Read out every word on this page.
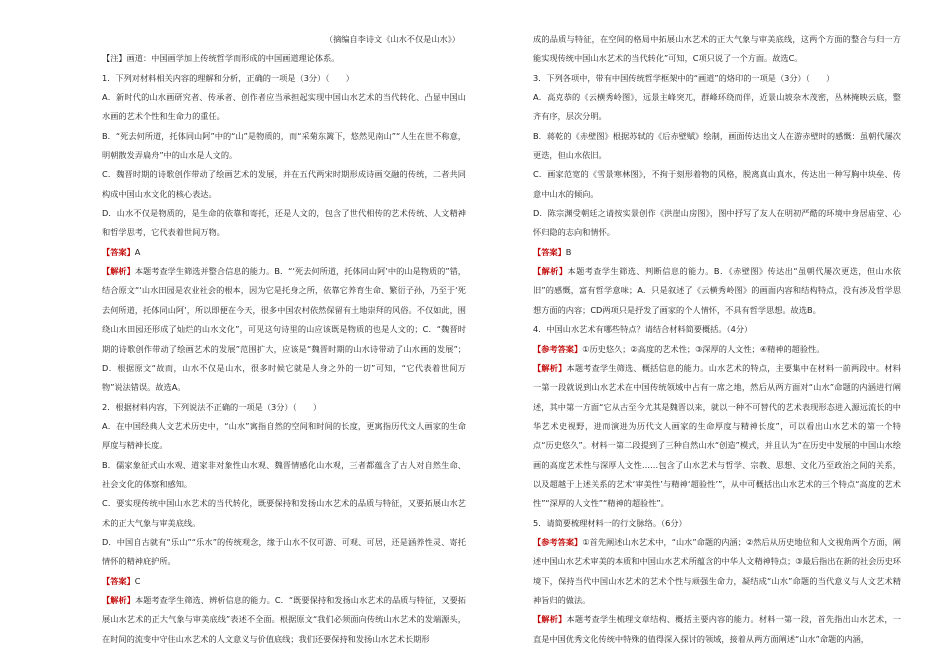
（摘编自李诗文《山水不仅是山水》）

【注】画道：中国画学加上传统哲学而形成的中国画道理论体系。

1．下列对材料相关内容的理解和分析，正确的一项是（3分）（　　）

A．新时代的山水画研究者、传承者、创作者应当承担起实现中国山水艺术的当代转化、凸显中国山水画的艺术个性和生命力的重任。

B．“死去何所道，托体同山阿”中的“山”是物质的，而“采菊东篱下，悠然见南山”“人生在世不称意，明朝散发弄扁舟”中的山水是人文的。

C．魏晋时期的诗歌创作带动了绘画艺术的发展，并在五代两宋时期形成诗画交融的传统，二者共同构成中国山水文化的核心表达。

D．山水不仅是物质的，是生命的依靠和寄托，还是人文的，包含了世代相传的艺术传统、人文精神和哲学思考，它代表着世间万物。

【答案】A

【解析】本题考查学生筛选并整合信息的能力。B．“‘死去何所道，托体同山阿’中的山是物质的”错，结合原文“‘山水田园是农业社会的根本，因为它是托身之所，依靠它养育生命、繁衍子孙，乃至于‘死去何所道，托体同山阿’，所以即便在今天，很多中国农村依然保留有土地崇拜的风俗。不仅如此，围绕山水田园还形成了灿烂的山水文化”，可见这句诗里的山应该既是物质的也是人文的；C．“魏晋时期的诗歌创作带动了绘画艺术的发展”范围扩大，应该是“魏晋时期的山水诗带动了山水画的发展”；D．根据原文“故而，山水不仅是山水，很多时候它就是人身之外的一切”可知，“它代表着世间万物”说法错误。故选A。

2．根据材料内容，下列说法不正确的一项是（3分）（　　）

A．在中国经典人文艺术历史中，“山水”寓指自然的空间和时间的长度，更寓指历代文人画家的生命厚度与精神长度。

B．儒家象征式山水观、道家非对象性山水观、魏晋情感化山水观，三者都蕴含了古人对自然生命、社会文化的体察和感知。

C．要实现传统中国山水艺术的当代转化，既要保持和发扬山水艺术的品质与特征，又要拓展山水艺术的正大气象与审美底线。

D．中国自古就有“乐山”“乐水”的传统观念，缘于山水不仅可游、可观、可居，还是涵养性灵、寄托情怀的精神庇护所。

【答案】C

【解析】本题考查学生筛选、辨析信息的能力。C．“既要保持和发扬山水艺术的品质与特征，又要拓展山水艺术的正大气象与审美底线”表述不全面。根据原文“我们必须面向传统山水艺术的发端源头，在时间的流变中守住山水艺术的人文意义与价值底线；我们还要保持和发扬山水艺术长期形

成的品质与特征，在空间的格局中拓展山水艺术的正大气象与审美底线，这两个方面的整合与归一方能实现传统中国山水艺术的当代转化”可知，C项只说了一个方面。故选C。

3．下列各项中，带有中国传统哲学框架中的“画道”的烙印的一项是（3分）（　　）

A．高克恭的《云横秀岭图》，远景主峰突兀，群峰环绕而伴，近景山坡杂木茂密，丛林掩映云底，整齐有序，层次分明。

B．蒋乾的《赤壁图》根据苏轼的《后赤壁赋》绘制，画面传达出文人在游赤壁时的感慨：虽朝代屡次更迭，但山水依旧。

C．画家范宽的《雪景寒林图》，不拘于刻形着物的风格，脱离真山真水，传达出一种写胸中块垒、传意中山水的倾向。

D．陈宗渊受朝廷之请按实景创作《洪崖山房图》，图中抒写了友人在明初严酷的环境中身居庙堂、心怀归隐的志向和情怀。

【答案】B

【解析】本题考查学生筛选、判断信息的能力。B．《赤壁图》传达出“虽朝代屡次更迭，但山水依旧”的感慨，富有哲学意味；A．只是叙述了《云横秀岭图》的画面内容和结构特点，没有涉及哲学思想方面的内容；CD两项只是抒发了画家的个人情怀，不具有哲学思想。故选B。

4．中国山水艺术有哪些特点？请结合材料简要概括。（4分）

【参考答案】①历史悠久；②高度的艺术性；③深厚的人文性；④精神的超验性。

【解析】本题考查学生筛选、概括信息的能力。山水艺术的特点，主要集中在材料一前两段中。材料一第一段就说到山水艺术在中国传统领域中占有一席之地，然后从两方面对“山水”命题的内涵进行阐述，其中第一方面“它从古至今尤其是魏晋以来，就以一种不可替代的艺术表现形态进入源远流长的中华艺术史视野，进而演进为历代文人画家的生命厚度与精神长度”，可以看出山水艺术的第一个特点“历史悠久”。材料一第二段提到了三种自然山水“创造”模式，并且认为“在历史中发展的中国山水绘画的高度艺术性与深厚人文性……包含了山水艺术与哲学、宗教、思想、文化乃至政治之间的关系，以及超越于上述关系的艺术‘审美性’与精神‘超验性’”，从中可概括出山水艺术的三个特点“高度的艺术性”“深厚的人文性”“精神的超验性”。

5．请简要梳理材料一的行文脉络。（6分）

【参考答案】①首先阐述山水艺术中，“山水”命题的内涵；②然后从历史地位和人文视角两个方面，阐述中国山水艺术审美的本质和中国山水艺术所蕴含的中华人文精神特点；③最后指出在新的社会历史环境下，保持当代中国山水艺术的艺术个性与顽强生命力，凝结成“山水”命题的当代意义与人文艺术精神旨归的做法。

【解析】本题考查学生梳理文章结构、概括主要内容的能力。材料一第一段，首先指出山水艺术，一直是中国优秀文化传统中特殊的值得深入探讨的领域，接着从两方面阐述“山水”命题的内涵，
